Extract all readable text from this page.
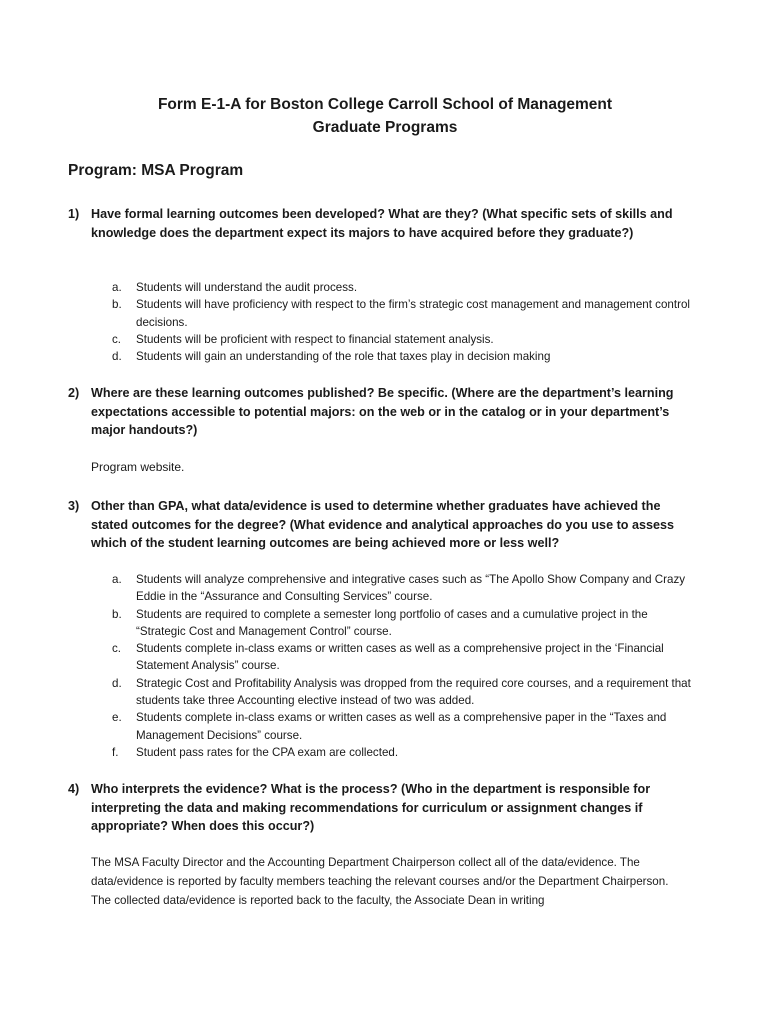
Form E-1-A for Boston College Carroll School of Management
Graduate Programs
Program: MSA Program
1) Have formal learning outcomes been developed? What are they? (What specific sets of skills and knowledge does the department expect its majors to have acquired before they graduate?)
a. Students will understand the audit process.
b. Students will have proficiency with respect to the firm’s strategic cost management and management control decisions.
c. Students will be proficient with respect to financial statement analysis.
d. Students will gain an understanding of the role that taxes play in decision making
2) Where are these learning outcomes published? Be specific. (Where are the department’s learning expectations accessible to potential majors: on the web or in the catalog or in your department’s major handouts?)
Program website.
3) Other than GPA, what data/evidence is used to determine whether graduates have achieved the stated outcomes for the degree? (What evidence and analytical approaches do you use to assess which of the student learning outcomes are being achieved more or less well?
a. Students will analyze comprehensive and integrative cases such as “The Apollo Show Company and Crazy Eddie in the “Assurance and Consulting Services” course.
b. Students are required to complete a semester long portfolio of cases and a cumulative project in the “Strategic Cost and Management Control” course.
c. Students complete in-class exams or written cases as well as a comprehensive project in the ‘Financial Statement Analysis” course.
d. Strategic Cost and Profitability Analysis was dropped from the required core courses, and a requirement that students take three Accounting elective instead of two was added.
e. Students complete in-class exams or written cases as well as a comprehensive paper in the “Taxes and Management Decisions” course.
f. Student pass rates for the CPA exam are collected.
4) Who interprets the evidence? What is the process? (Who in the department is responsible for interpreting the data and making recommendations for curriculum or assignment changes if appropriate? When does this occur?)
The MSA Faculty Director and the Accounting Department Chairperson collect all of the data/evidence. The data/evidence is reported by faculty members teaching the relevant courses and/or the Department Chairperson. The collected data/evidence is reported back to the faculty, the Associate Dean in writing
